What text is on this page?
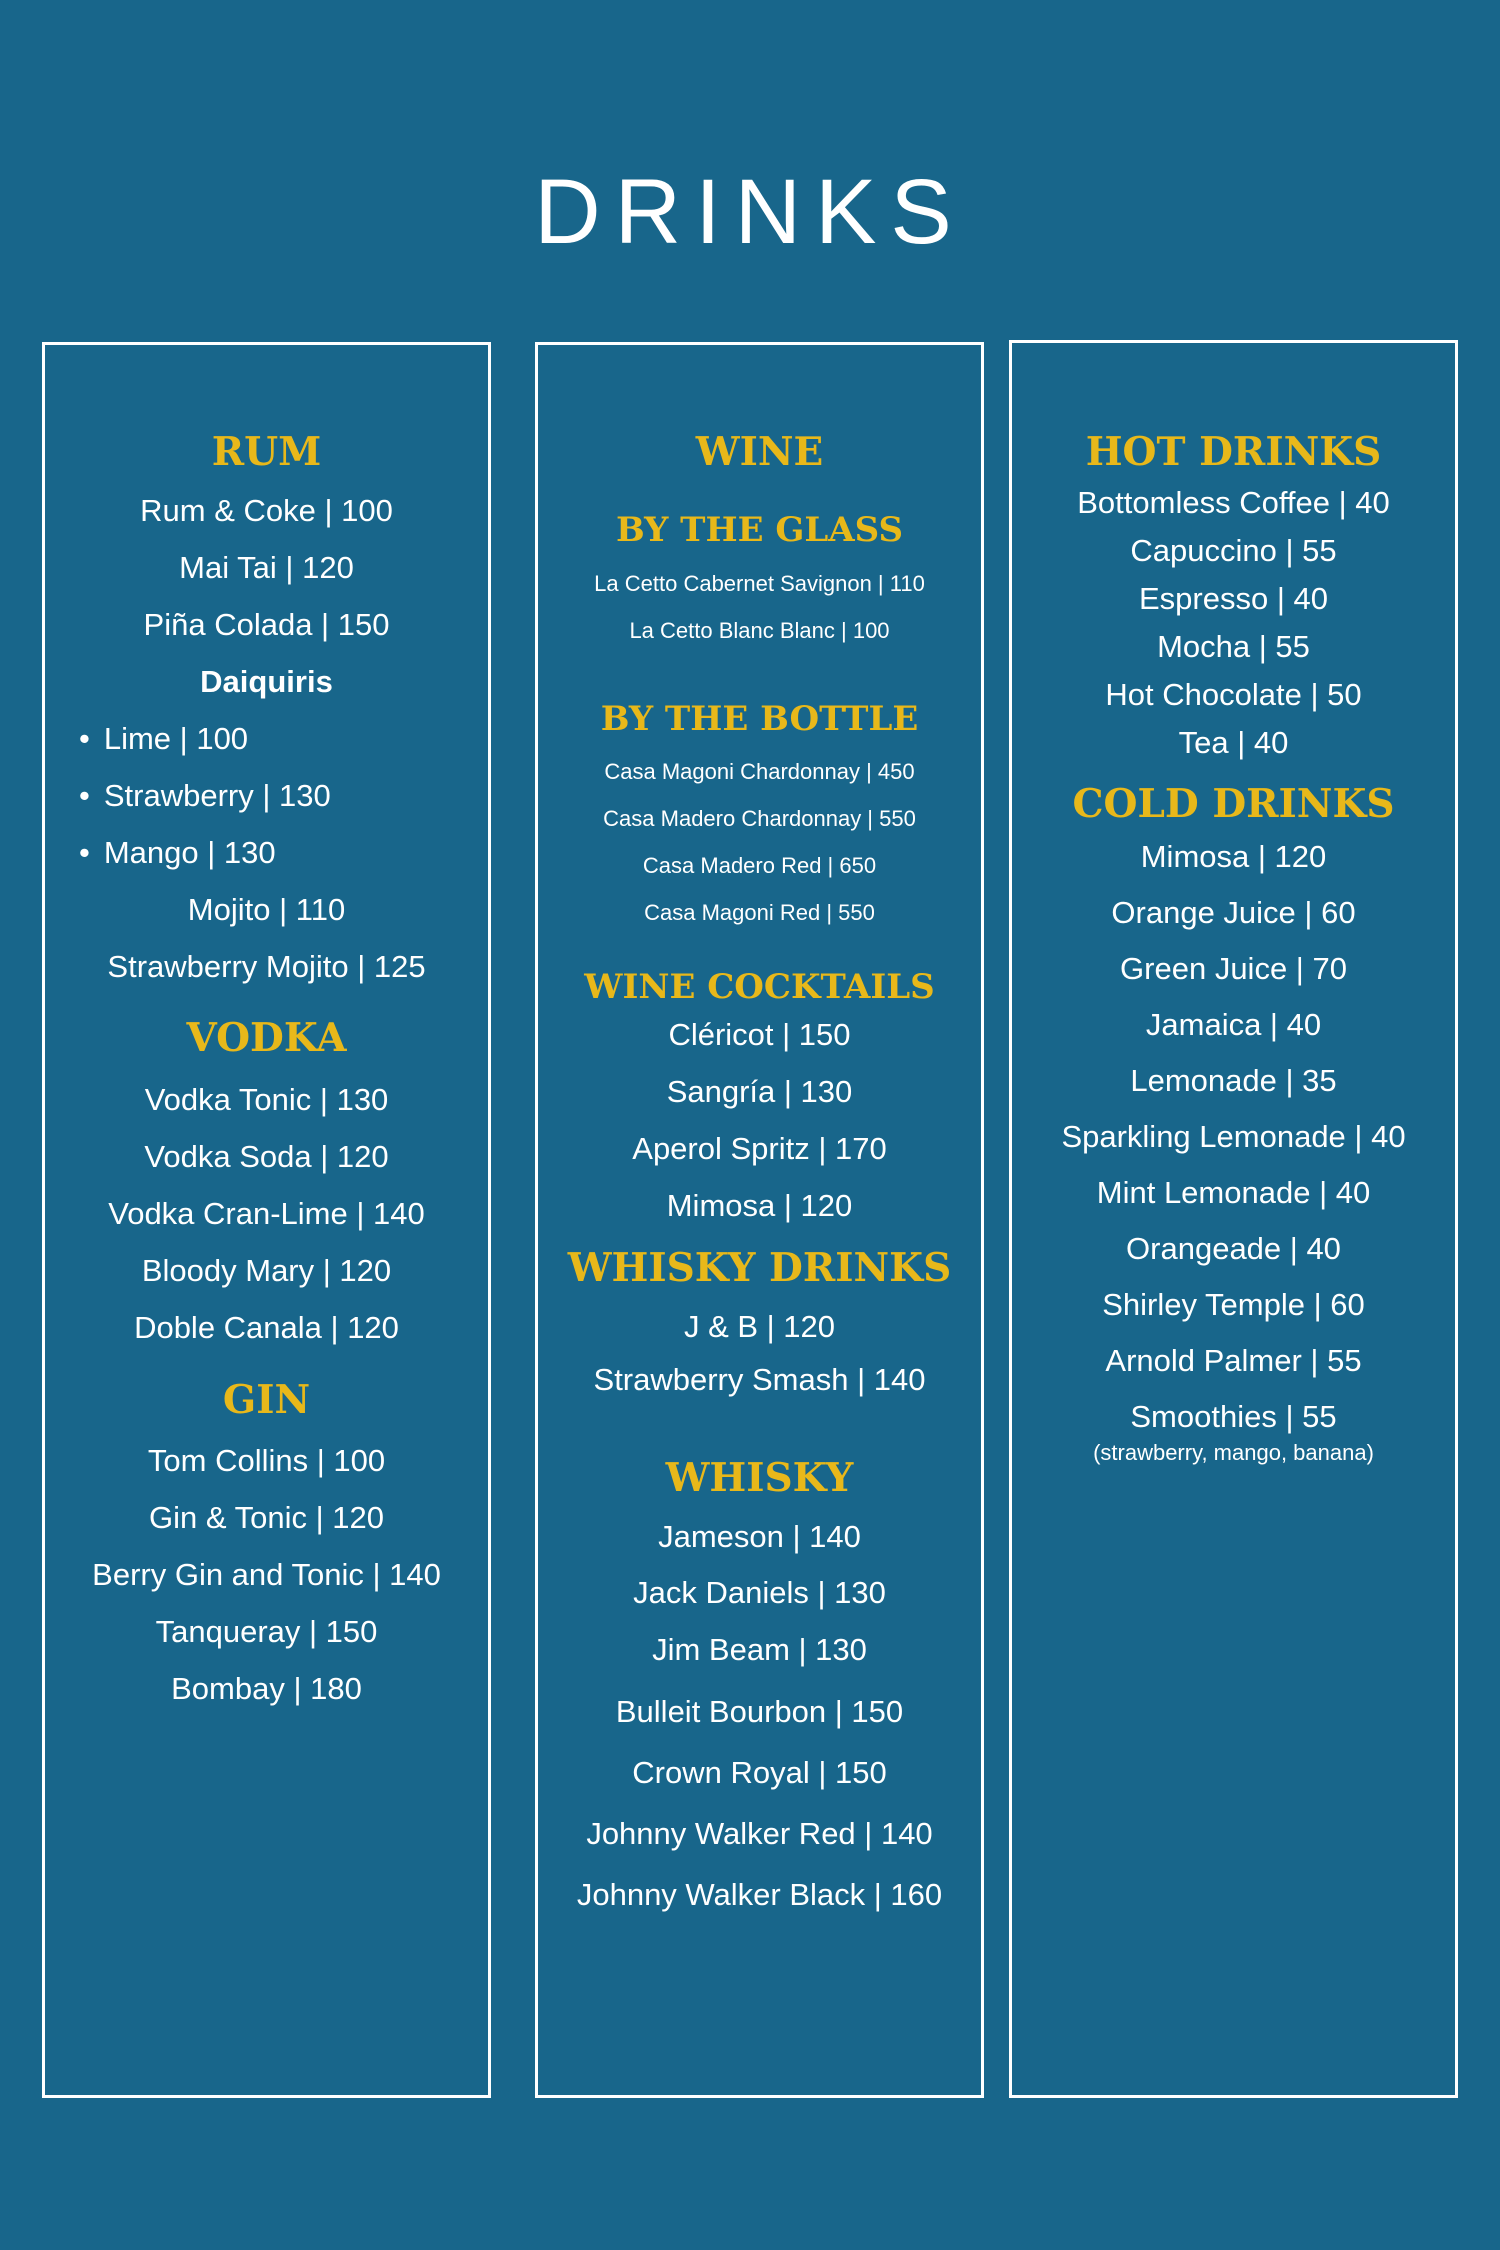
DRINKS
RUM
Rum & Coke | 100
Mai Tai | 120
Piña Colada | 150
Daiquiris
• Lime | 100
• Strawberry | 130
• Mango | 130
Mojito | 110
Strawberry Mojito | 125
VODKA
Vodka Tonic | 130
Vodka Soda | 120
Vodka Cran-Lime | 140
Bloody Mary | 120
Doble Canala | 120
GIN
Tom Collins | 100
Gin & Tonic | 120
Berry Gin and Tonic | 140
Tanqueray | 150
Bombay | 180
WINE
BY THE GLASS
La Cetto Cabernet Savignon | 110
La Cetto Blanc Blanc | 100
BY THE BOTTLE
Casa Magoni Chardonnay | 450
Casa Madero Chardonnay | 550
Casa Madero Red | 650
Casa Magoni Red | 550
WINE COCKTAILS
Clériсot | 150
Sangría | 130
Aperol Spritz | 170
Mimosa | 120
WHISKY DRINKS
J & B | 120
Strawberry Smash | 140
WHISKY
Jameson | 140
Jack Daniels | 130
Jim Beam | 130
Bulleit Bourbon | 150
Crown Royal | 150
Johnny Walker Red | 140
Johnny Walker Black | 160
HOT DRINKS
Bottomless Coffee | 40
Capuccino | 55
Espresso | 40
Mocha | 55
Hot Chocolate | 50
Tea | 40
COLD DRINKS
Mimosa | 120
Orange Juice | 60
Green Juice | 70
Jamaica | 40
Lemonade | 35
Sparkling Lemonade | 40
Mint Lemonade | 40
Orangeade | 40
Shirley Temple | 60
Arnold Palmer | 55
Smoothies | 55
(strawberry, mango, banana)
